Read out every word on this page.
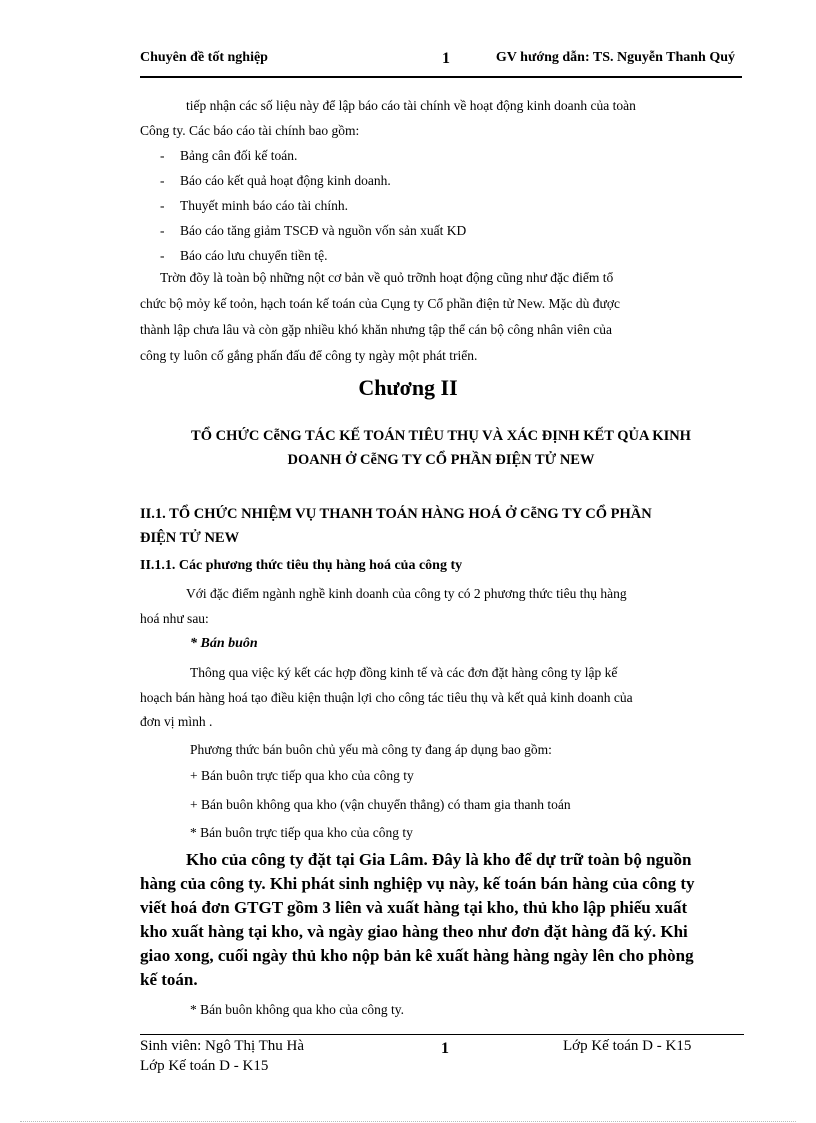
Chuyên đề tốt nghiệp	1	GV hướng dẫn: TS. Nguyễn Thanh Quý
tiếp nhận các số liệu này để lập báo cáo tài chính về hoạt động kinh doanh của toàn
Công ty. Các báo cáo tài chính bao gồm:
- Bảng cân đối kế toán.
- Báo cáo kết quả hoạt động kinh doanh.
- Thuyết minh báo cáo tài chính.
- Báo cáo tăng giảm TSCĐ và nguồn vốn sản xuất KD
- Báo cáo lưu chuyển tiền tệ.
Trờn đõy là toàn bộ những nột cơ bản về quỏ trỡnh hoạt động cũng như đặc điểm tổ
chức bộ mỏy kế toỏn, hạch toán kế toán của Cụng ty Cổ phần điện tử New. Mặc dù được
thành lập chưa lâu và còn gặp nhiều khó khăn nhưng tập thể cán bộ công nhân viên của
công ty luôn cố gắng phấn đấu để công ty ngày một phát triển.
Chương II
TỔ CHỨC CễNG TÁC KẾ TOÁN TIÊU THỤ VÀ XÁC ĐỊNH KẾT QỦA KINH
DOANH Ở CễNG TY CỔ PHẦN ĐIỆN TỬ NEW
II.1. TỔ CHỨC NHIỆM VỤ THANH TOÁN HÀNG HOÁ Ở CễNG TY CỔ PHẦN
ĐIỆN TỬ NEW
II.1.1. Các phương thức tiêu thụ hàng hoá của công ty
Với đặc điểm ngành nghề kinh doanh của công ty có 2 phương thức tiêu thụ hàng
hoá như sau:
* Bán buôn
Thông qua việc ký kết các hợp đồng kinh tế và các đơn đặt hàng công ty lập kế
hoạch bán hàng hoá tạo điều kiện thuận lợi cho công tác tiêu thụ và kết quả kinh doanh của
đơn vị mình .
Phương thức bán buôn chủ yếu mà công ty đang áp dụng bao gồm:
+ Bán buôn trực tiếp qua kho của công ty
+ Bán buôn không qua kho (vận chuyển thẳng) có tham gia thanh toán
* Bán buôn trực tiếp qua kho của công ty
Kho của công ty đặt tại Gia Lâm. Đây là kho để dự trữ toàn bộ nguồn
hàng của công ty. Khi phát sinh nghiệp vụ này, kế toán bán hàng của công ty
viết hoá đơn GTGT gồm 3 liên và xuất hàng tại kho, thủ kho lập phiếu xuất
kho xuất hàng tại kho, và ngày giao hàng theo như đơn đặt hàng đã ký. Khi
giao xong, cuối ngày thủ kho nộp bản kê xuất hàng hàng ngày lên cho phòng
kế toán.
* Bán buôn không qua kho của công ty.
Sinh viên: Ngô Thị Thu Hà	1	Lớp Kế toán D - K15
Lớp Kế toán D - K15
